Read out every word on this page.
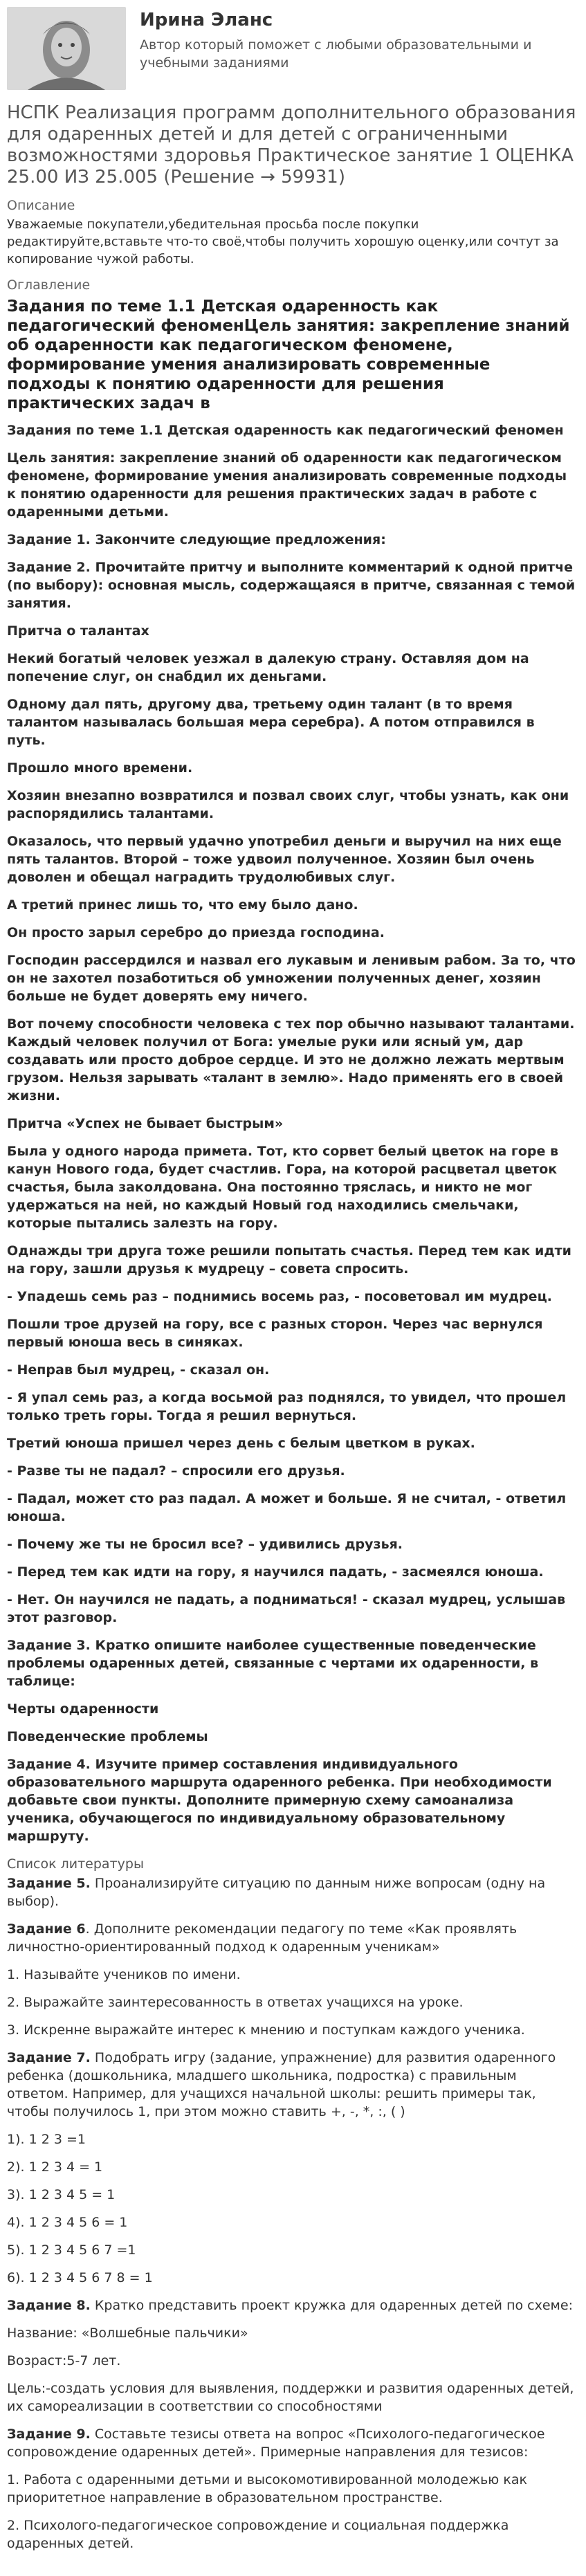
Ирина Эланс
Автор который поможет с любыми образовательными и учебными заданиями
НСПК Реализация программ дополнительного образования для одаренных детей и для детей с ограниченными возможностями здоровья Практическое занятие 1 ОЦЕНКА 25.00 ИЗ 25.005 (Решение → 59931)
Описание

Уважаемые покупатели,убедительная просьба после покупки редактируйте,вставьте что-то своё,чтобы получить хорошую оценку,или сочтут за копирование чужой работы.

Оглавление
Задания по теме 1.1 Детская одаренность как педагогический феноменЦель занятия: закрепление знаний об одаренности как педагогическом феномене, формирование умения анализировать современные подходы к понятию одаренности для решения практических задач в

Задания по теме 1.1 Детская одаренность как педагогический феномен

Цель занятия: закрепление знаний об одаренности как педагогическом феномене, формирование умения анализировать современные подходы к понятию одаренности для решения практических задач в работе с одаренными детьми.

Задание 1. Закончите следующие предложения:

Задание 2. Прочитайте притчу и выполните комментарий к одной притче (по выбору): основная мысль, содержащаяся в притче, связанная с темой занятия.

Притча о талантах

Некий богатый человек уезжал в далекую страну. Оставляя дом на попечение слуг, он снабдил их деньгами.

Одному дал пять, другому два, третьему один талант (в то время талантом называлась большая мера серебра). А потом отправился в путь.

Прошло много времени.

Хозяин внезапно возвратился и позвал своих слуг, чтобы узнать, как они распорядились талантами.

Оказалось, что первый удачно употребил деньги и выручил на них еще пять талантов. Второй – тоже удвоил полученное. Хозяин был очень доволен и обещал наградить трудолюбивых слуг.

А третий принес лишь то, что ему было дано.

Он просто зарыл серебро до приезда господина.

Господин рассердился и назвал его лукавым и ленивым рабом. За то, что он не захотел позаботиться об умножении полученных денег, хозяин больше не будет доверять ему ничего.

Вот почему способности человека с тех пор обычно называют талантами. Каждый человек получил от Бога: умелые руки или ясный ум, дар создавать или просто доброе сердце. И это не должно лежать мертвым грузом. Нельзя зарывать «талант в землю». Надо применять его в своей жизни.

Притча «Успех не бывает быстрым»

Была у одного народа примета. Тот, кто сорвет белый цветок на горе в канун Нового года, будет счастлив. Гора, на которой расцветал цветок счастья, была заколдована. Она постоянно тряслась, и никто не мог удержаться на ней, но каждый Новый год находились смельчаки, которые пытались залезть на гору.

Однажды три друга тоже решили попытать счастья. Перед тем как идти на гору, зашли друзья к мудрецу – совета спросить.

- Упадешь семь раз – поднимись восемь раз, - посоветовал им мудрец.

Пошли трое друзей на гору, все с разных сторон. Через час вернулся первый юноша весь в синяках.

- Неправ был мудрец, - сказал он.

- Я упал семь раз, а когда восьмой раз поднялся, то увидел, что прошел только треть горы. Тогда я решил вернуться.

Третий юноша пришел через день с белым цветком в руках.

- Разве ты не падал? – спросили его друзья.

- Падал, может сто раз падал. А может и больше. Я не считал, - ответил юноша.

- Почему же ты не бросил все? – удивились друзья.

- Перед тем как идти на гору, я научился падать, - засмеялся юноша.

- Нет. Он научился не падать, а подниматься! - сказал мудрец, услышав этот разговор.

Задание 3. Кратко опишите наиболее существенные поведенческие проблемы одаренных детей, связанные с чертами их одаренности, в таблице:

Черты одаренности

Поведенческие проблемы

Задание 4. Изучите пример составления индивидуального образовательного маршрута одаренного ребенка. При необходимости добавьте свои пункты. Дополните примерную схему самоанализа ученика, обучающегося по индивидуальному образовательному маршруту.

Список литературы

Задание 5. Проанализируйте ситуацию по данным ниже вопросам (одну на выбор).

Задание 6. Дополните рекомендации педагогу по теме «Как проявлять личностно-ориентированный подход к одаренным ученикам»

1. Называйте учеников по имени.

2. Выражайте заинтересованность в ответах учащихся на уроке.

3. Искренне выражайте интерес к мнению и поступкам каждого ученика.

Задание 7. Подобрать игру (задание, упражнение) для развития одаренного ребенка (дошкольника, младшего школьника, подростка) с правильным ответом. Например, для учащихся начальной школы: решить примеры так, чтобы получилось 1, при этом можно ставить +, -, *, :, ( )

1). 1 2 3 =1

2). 1 2 3 4 = 1

3). 1 2 3 4 5 = 1

4). 1 2 3 4 5 6 = 1

5). 1 2 3 4 5 6 7 =1

6). 1 2 3 4 5 6 7 8 = 1

Задание 8. Кратко представить проект кружка для одаренных детей по схеме:

Название: «Волшебные пальчики»

Возраст:5-7 лет.

Цель:-создать условия для выявления, поддержки и развития одаренных детей, их самореализации в соответствии со способностями

Задание 9. Составьте тезисы ответа на вопрос «Психолого-педагогическое сопровождение одаренных детей». Примерные направления для тезисов:

1. Работа с одаренными детьми и высокомотивированной молодежью как приоритетное направление в образовательном пространстве.

2. Психолого-педагогическое сопровождение и социальная поддержка одаренных детей.
